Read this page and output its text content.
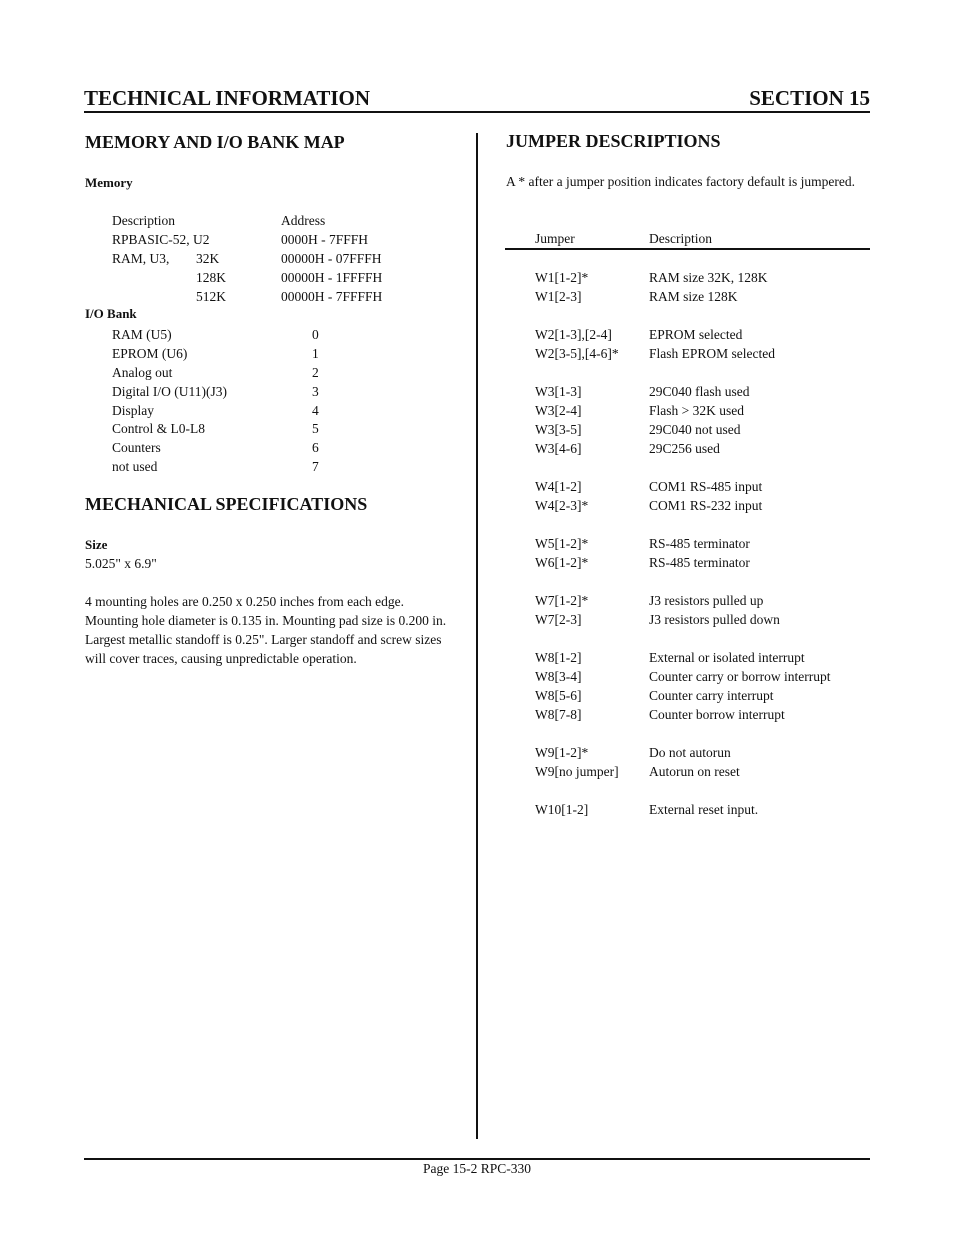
TECHNICAL INFORMATION	SECTION 15
MEMORY AND I/O BANK MAP
Memory
Description	Address
RPBASIC-52, U2	0000H - 7FFFH
RAM, U3, 32K	00000H - 07FFFH
128K	00000H - 1FFFFH
512K	00000H - 7FFFFH
I/O Bank
RAM (U5)	0
EPROM (U6)	1
Analog out	2
Digital I/O (U11)(J3)	3
Display	4
Control & L0-L8	5
Counters	6
not used	7
MECHANICAL SPECIFICATIONS
Size
5.025" x 6.9"
4 mounting holes are 0.250 x 0.250 inches from each edge. Mounting hole diameter is 0.135 in. Mounting pad size is 0.200 in. Largest metallic standoff is 0.25". Larger standoff and screw sizes will cover traces, causing unpredictable operation.
JUMPER DESCRIPTIONS
A * after a jumper position indicates factory default is jumpered.
Jumper	Description
W1[1-2]*	RAM size 32K, 128K
W1[2-3]	RAM size 128K
W2[1-3],[2-4]	EPROM selected
W2[3-5],[4-6]* Flash EPROM selected
W3[1-3]	29C040 flash used
W3[2-4]	Flash > 32K used
W3[3-5]	29C040 not used
W3[4-6]	29C256 used
W4[1-2]	COM1 RS-485 input
W4[2-3]*	COM1 RS-232 input
W5[1-2]*	RS-485 terminator
W6[1-2]*	RS-485 terminator
W7[1-2]*	J3 resistors pulled up
W7[2-3]	J3 resistors pulled down
W8[1-2]	External or isolated interrupt
W8[3-4]	Counter carry or borrow interrupt
W8[5-6]	Counter carry interrupt
W8[7-8]	Counter borrow interrupt
W9[1-2]*	Do not autorun
W9[no jumper] Autorun on reset
W10[1-2]	External reset input.
Page 15-2 RPC-330
